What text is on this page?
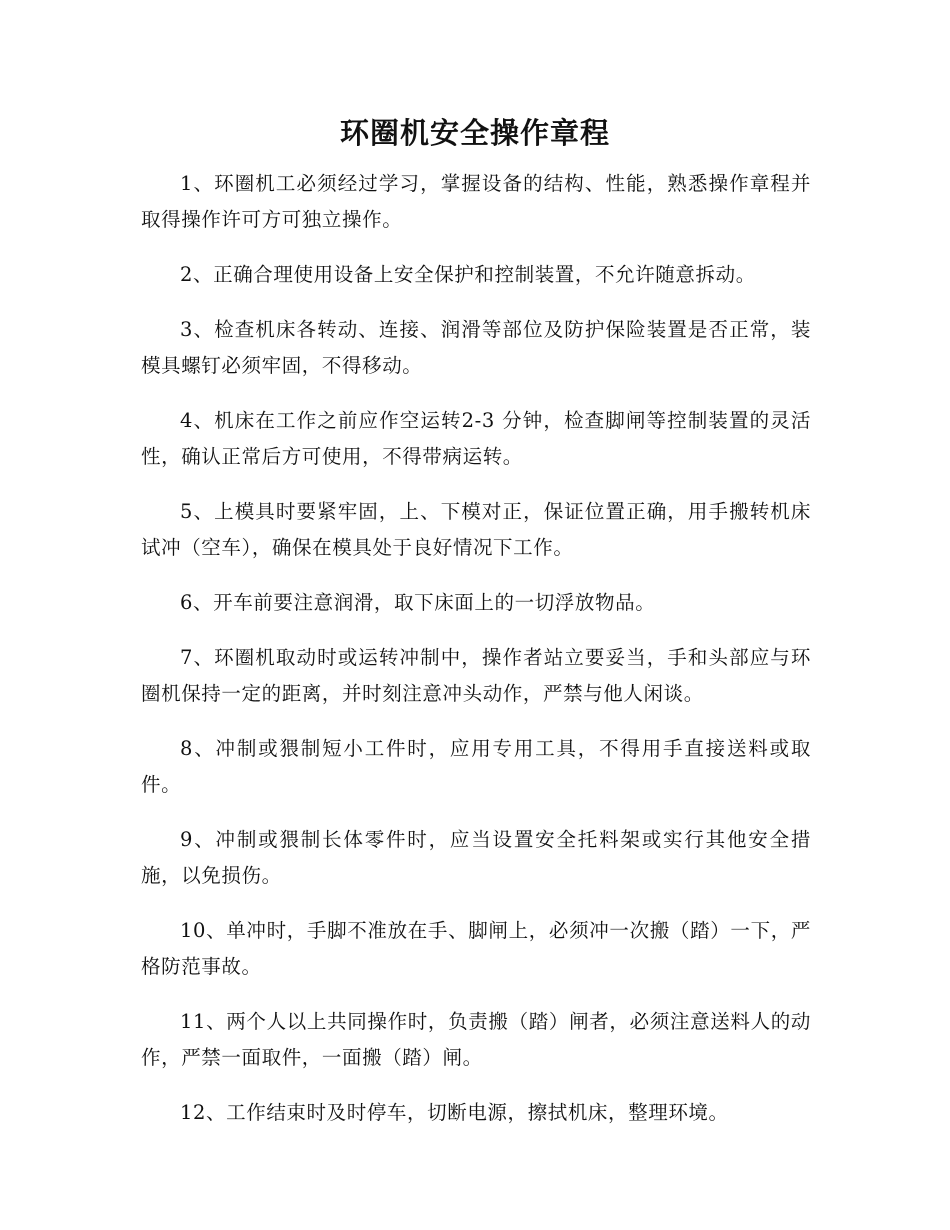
环圈机安全操作章程

1、环圈机工必须经过学习，掌握设备的结构、性能，熟悉操作章程并取得操作许可方可独立操作。

2、正确合理使用设备上安全保护和控制装置，不允许随意拆动。

3、检查机床各转动、连接、润滑等部位及防护保险装置是否正常，装模具螺钉必须牢固，不得移动。

4、机床在工作之前应作空运转2-3 分钟，检查脚闸等控制装置的灵活性，确认正常后方可使用，不得带病运转。

5、上模具时要紧牢固，上、下模对正，保证位置正确，用手搬转机床试冲（空车），确保在模具处于良好情况下工作。

6、开车前要注意润滑，取下床面上的一切浮放物品。

7、环圈机取动时或运转冲制中，操作者站立要妥当，手和头部应与环圈机保持一定的距离，并时刻注意冲头动作，严禁与他人闲谈。

8、冲制或猥制短小工件时，应用专用工具，不得用手直接送料或取件。

9、冲制或猥制长体零件时，应当设置安全托料架或实行其他安全措施，以免损伤。

10、单冲时，手脚不准放在手、脚闸上，必须冲一次搬（踏）一下，严格防范事故。

11、两个人以上共同操作时，负责搬（踏）闸者，必须注意送料人的动作，严禁一面取件，一面搬（踏）闸。

12、工作结束时及时停车，切断电源，擦拭机床，整理环境。
